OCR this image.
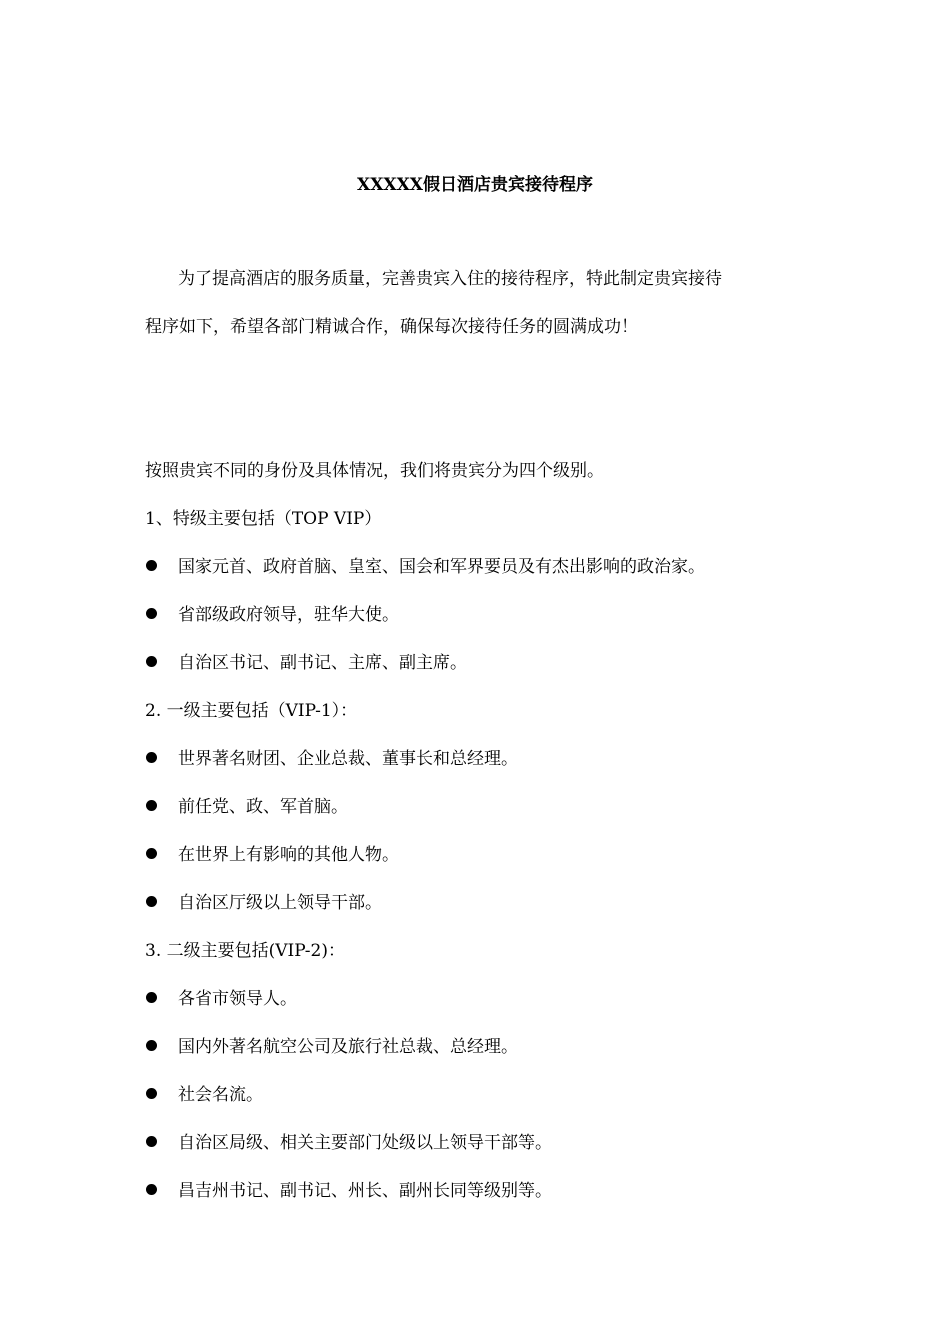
XXXXX假日酒店贵宾接待程序
为了提高酒店的服务质量，完善贵宾入住的接待程序，特此制定贵宾接待
程序如下，希望各部门精诚合作，确保每次接待任务的圆满成功！
按照贵宾不同的身份及具体情况，我们将贵宾分为四个级别。
1、特级主要包括（TOP VIP）
国家元首、政府首脑、皇室、国会和军界要员及有杰出影响的政治家。
省部级政府领导，驻华大使。
自治区书记、副书记、主席、副主席。
2. 一级主要包括（VIP-1）：
世界著名财团、企业总裁、董事长和总经理。
前任党、政、军首脑。
在世界上有影响的其他人物。
自治区厅级以上领导干部。
3. 二级主要包括(VIP-2)：
各省市领导人。
国内外著名航空公司及旅行社总裁、总经理。
社会名流。
自治区局级、相关主要部门处级以上领导干部等。
昌吉州书记、副书记、州长、副州长同等级别等。
